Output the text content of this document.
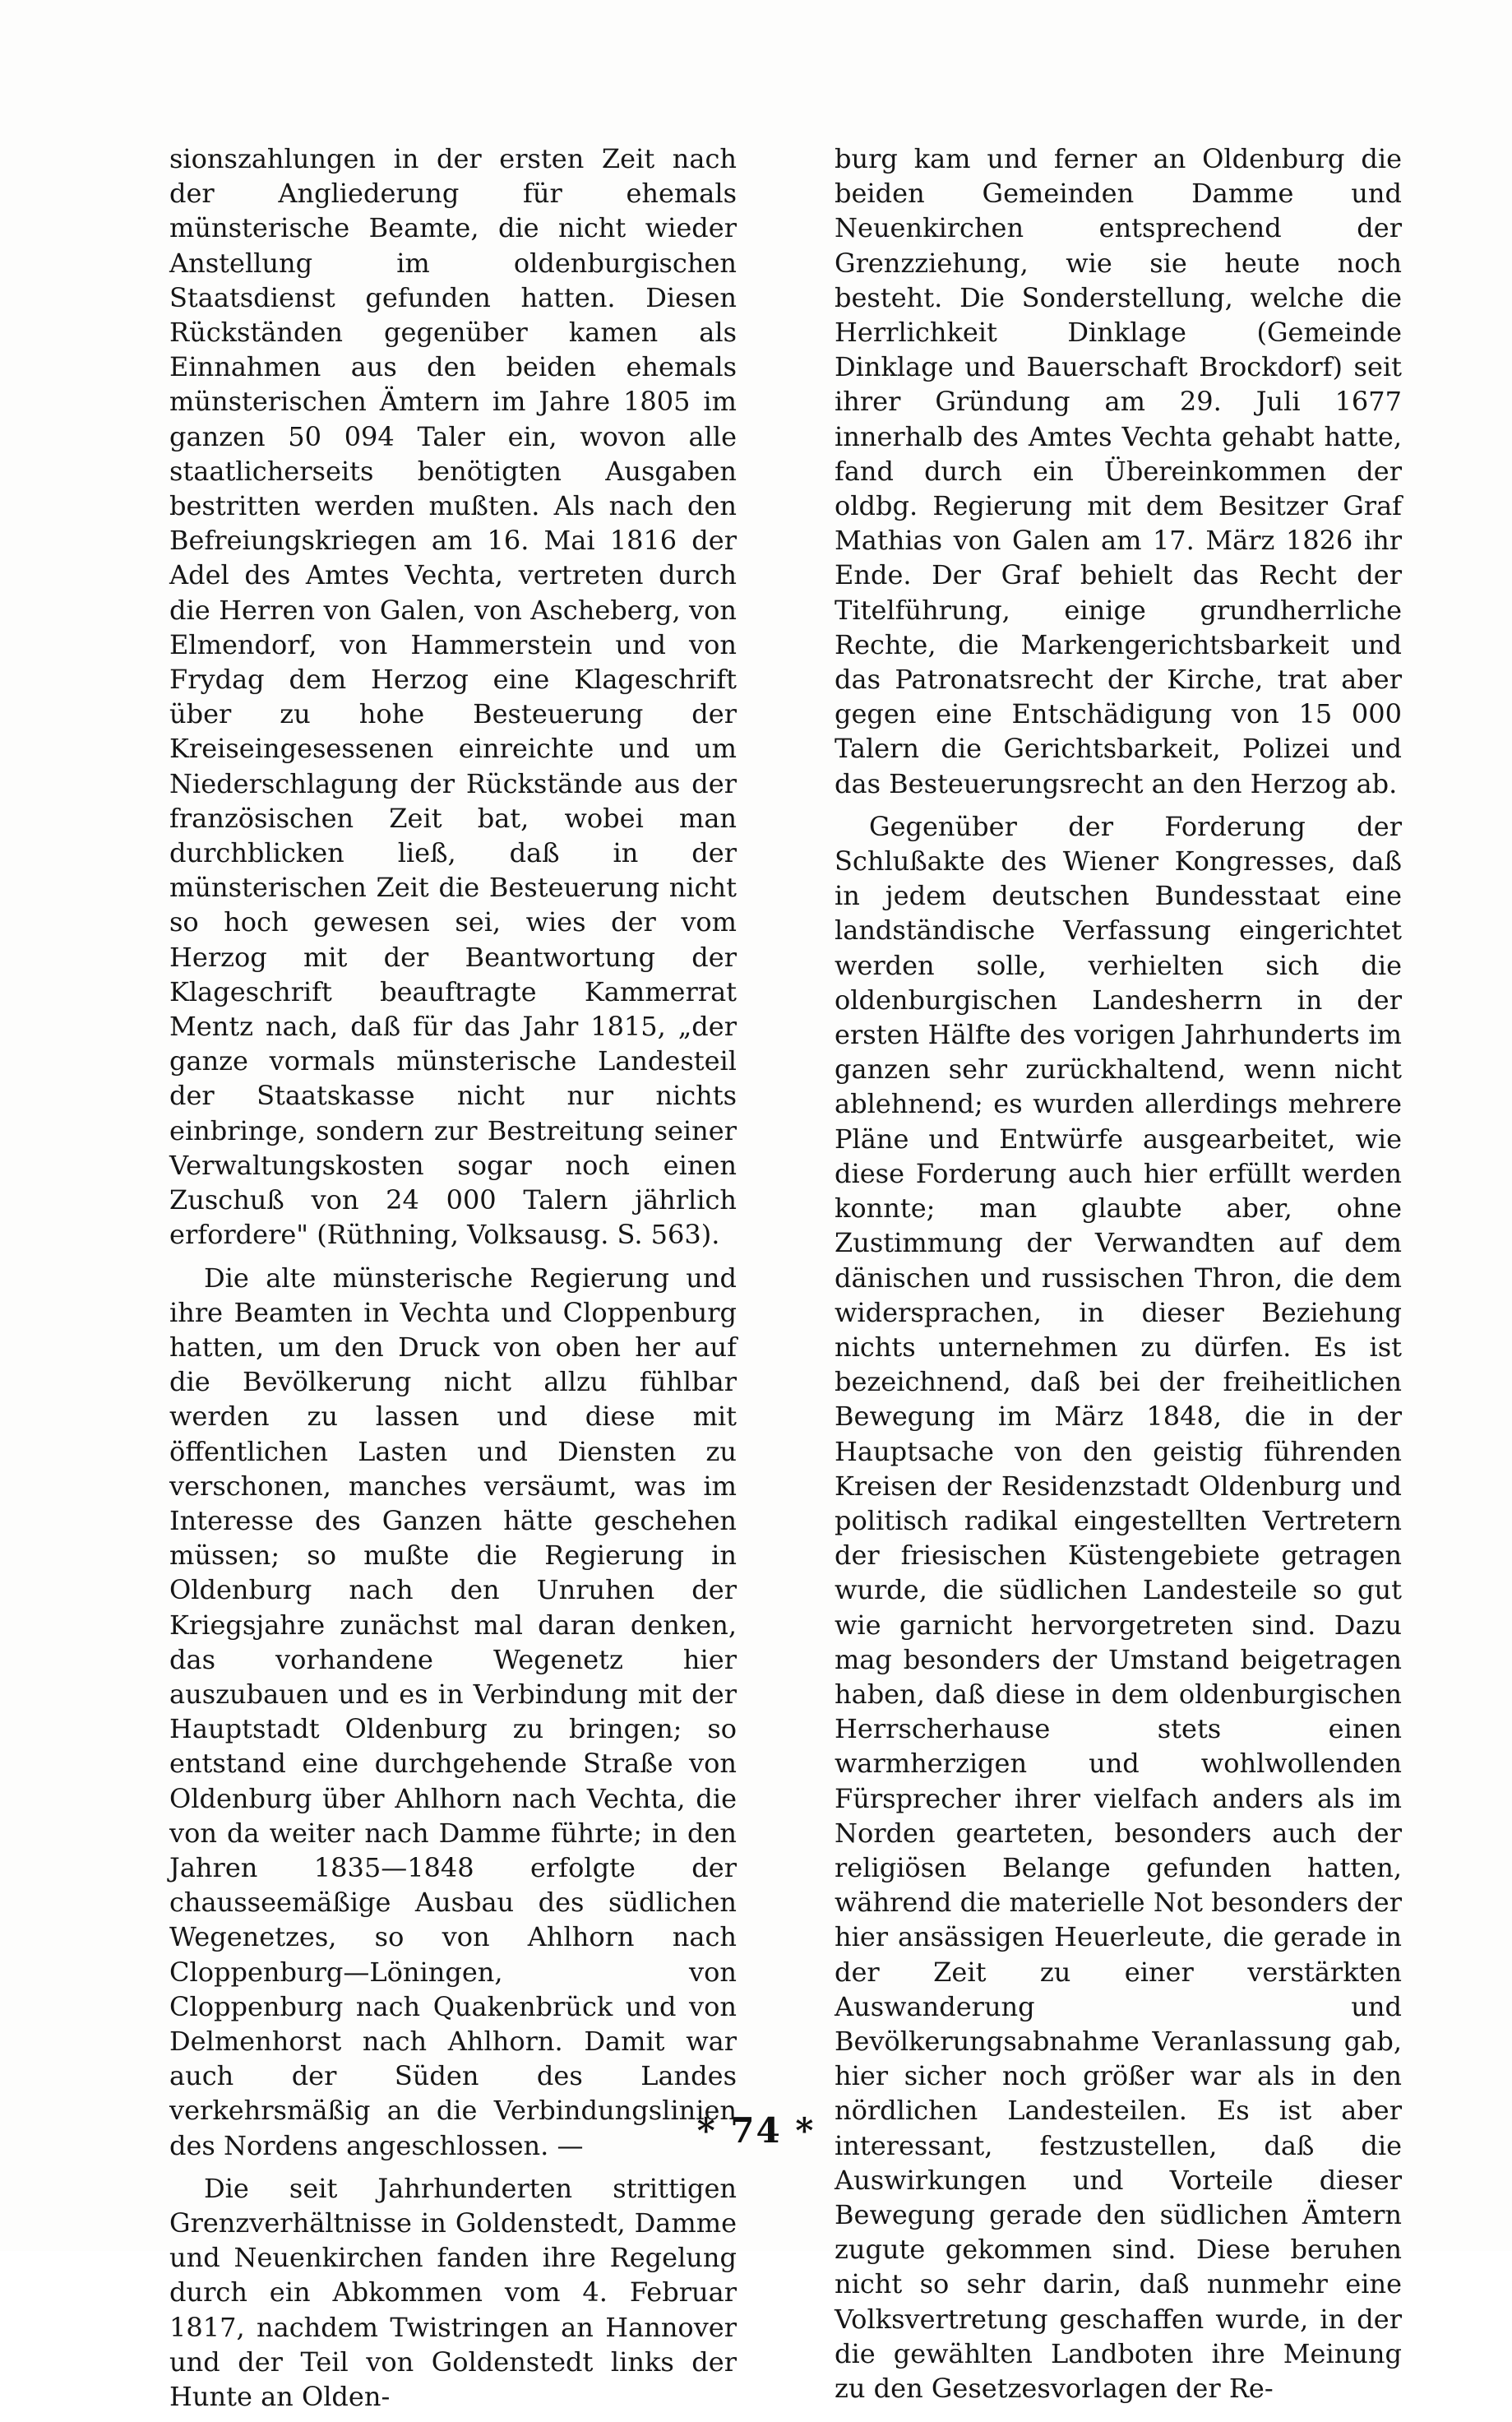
sionszahlungen in der ersten Zeit nach der Angliederung für ehemals münsterische Beamte, die nicht wieder Anstellung im oldenburgischen Staatsdienst gefunden hatten. Diesen Rückständen gegenüber kamen als Einnahmen aus den beiden ehemals münsterischen Ämtern im Jahre 1805 im ganzen 50 094 Taler ein, wovon alle staatlicherseits benötigten Ausgaben bestritten werden mußten. Als nach den Befreiungskriegen am 16. Mai 1816 der Adel des Amtes Vechta, vertreten durch die Herren von Galen, von Ascheberg, von Elmendorf, von Hammerstein und von Frydag dem Herzog eine Klageschrift über zu hohe Besteuerung der Kreiseingesessenen einreichte und um Niederschlagung der Rückstände aus der französischen Zeit bat, wobei man durchblicken ließ, daß in der münsterischen Zeit die Besteuerung nicht so hoch gewesen sei, wies der vom Herzog mit der Beantwortung der Klageschrift beauftragte Kammerrat Mentz nach, daß für das Jahr 1815, „der ganze vormals münsterische Landesteil der Staatskasse nicht nur nichts einbringe, sondern zur Bestreitung seiner Verwaltungskosten sogar noch einen Zuschuß von 24 000 Talern jährlich erfordere" (Rüthning, Volksausg. S. 563).

Die alte münsterische Regierung und ihre Beamten in Vechta und Cloppenburg hatten, um den Druck von oben her auf die Bevölkerung nicht allzu fühlbar werden zu lassen und diese mit öffentlichen Lasten und Diensten zu verschonen, manches versäumt, was im Interesse des Ganzen hätte geschehen müssen; so mußte die Regierung in Oldenburg nach den Unruhen der Kriegsjahre zunächst mal daran denken, das vorhandene Wegenetz hier auszubauen und es in Verbindung mit der Hauptstadt Oldenburg zu bringen; so entstand eine durchgehende Straße von Oldenburg über Ahlhorn nach Vechta, die von da weiter nach Damme führte; in den Jahren 1835—1848 erfolgte der chausseemäßige Ausbau des südlichen Wegenetzes, so von Ahlhorn nach Cloppenburg—Löningen, von Cloppenburg nach Quakenbrück und von Delmenhorst nach Ahlhorn. Damit war auch der Süden des Landes verkehrsmäßig an die Verbindungslinien des Nordens angeschlossen. —

Die seit Jahrhunderten strittigen Grenzverhältnisse in Goldenstedt, Damme und Neuenkirchen fanden ihre Regelung durch ein Abkommen vom 4. Februar 1817, nachdem Twistringen an Hannover und der Teil von Goldenstedt links der Hunte an Olden-

burg kam und ferner an Oldenburg die beiden Gemeinden Damme und Neuenkirchen entsprechend der Grenzziehung, wie sie heute noch besteht. Die Sonderstellung, welche die Herrlichkeit Dinklage (Gemeinde Dinklage und Bauerschaft Brockdorf) seit ihrer Gründung am 29. Juli 1677 innerhalb des Amtes Vechta gehabt hatte, fand durch ein Übereinkommen der oldbg. Regierung mit dem Besitzer Graf Mathias von Galen am 17. März 1826 ihr Ende. Der Graf behielt das Recht der Titelführung, einige grundherrliche Rechte, die Markengerichtsbarkeit und das Patronatsrecht der Kirche, trat aber gegen eine Entschädigung von 15 000 Talern die Gerichtsbarkeit, Polizei und das Besteuerungsrecht an den Herzog ab.

Gegenüber der Forderung der Schlußakte des Wiener Kongresses, daß in jedem deutschen Bundesstaat eine landständische Verfassung eingerichtet werden solle, verhielten sich die oldenburgischen Landesherrn in der ersten Hälfte des vorigen Jahrhunderts im ganzen sehr zurückhaltend, wenn nicht ablehnend; es wurden allerdings mehrere Pläne und Entwürfe ausgearbeitet, wie diese Forderung auch hier erfüllt werden konnte; man glaubte aber, ohne Zustimmung der Verwandten auf dem dänischen und russischen Thron, die dem widersprachen, in dieser Beziehung nichts unternehmen zu dürfen. Es ist bezeichnend, daß bei der freiheitlichen Bewegung im März 1848, die in der Hauptsache von den geistig führenden Kreisen der Residenzstadt Oldenburg und politisch radikal eingestellten Vertretern der friesischen Küstengebiete getragen wurde, die südlichen Landesteile so gut wie garnicht hervorgetreten sind. Dazu mag besonders der Umstand beigetragen haben, daß diese in dem oldenburgischen Herrscherhause stets einen warmherzigen und wohlwollenden Fürsprecher ihrer vielfach anders als im Norden gearteten, besonders auch der religiösen Belange gefunden hatten, während die materielle Not besonders der hier ansässigen Heuerleute, die gerade in der Zeit zu einer verstärkten Auswanderung und Bevölkerungsabnahme Veranlassung gab, hier sicher noch größer war als in den nördlichen Landesteilen. Es ist aber interessant, festzustellen, daß die Auswirkungen und Vorteile dieser Bewegung gerade den südlichen Ämtern zugute gekommen sind. Diese beruhen nicht so sehr darin, daß nunmehr eine Volksvertretung geschaffen wurde, in der die gewählten Landboten ihre Meinung zu den Gesetzesvorlagen der Re-

* 74 *
